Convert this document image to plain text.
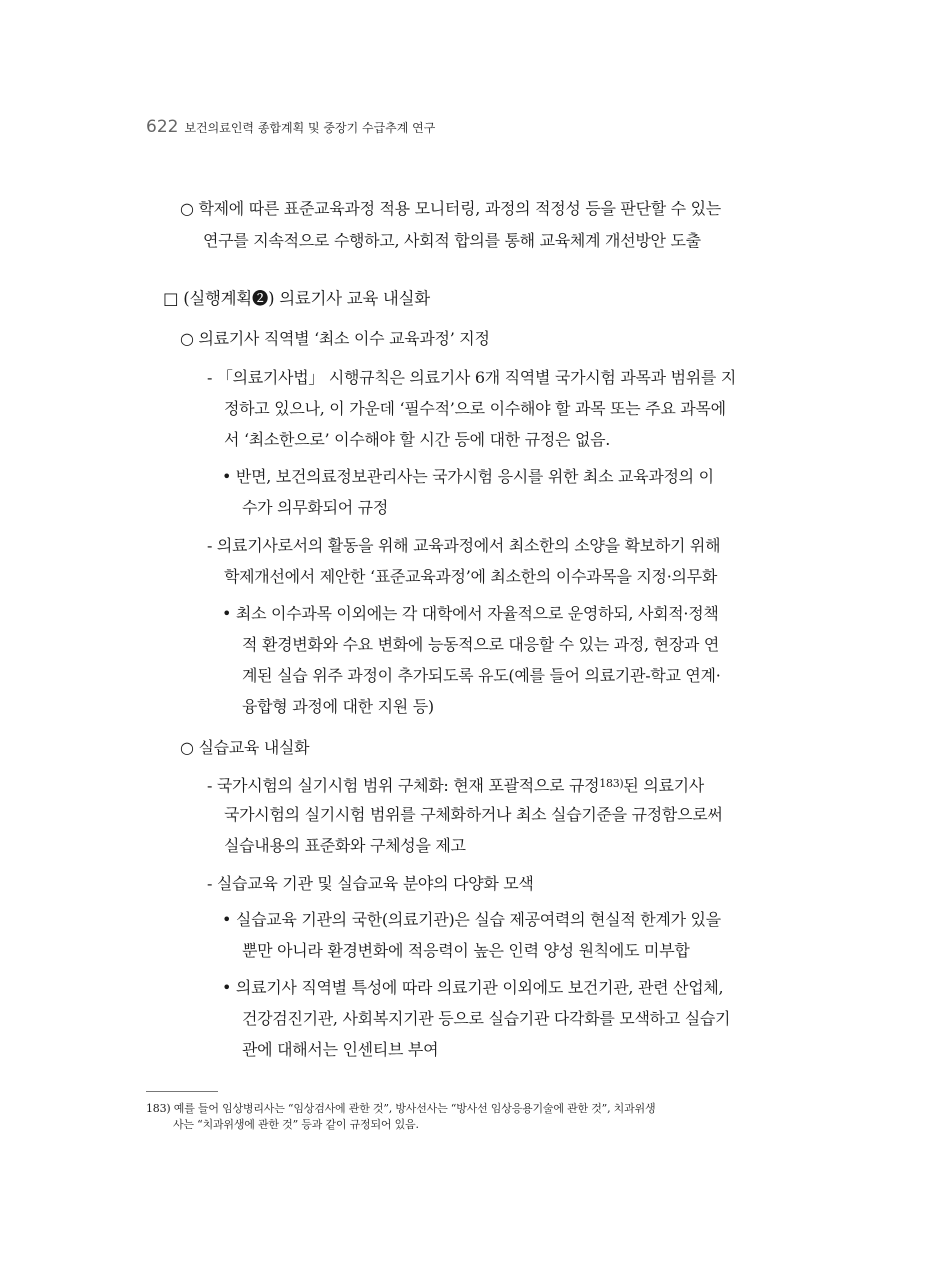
622 보건의료인력 종합계획 및 중장기 수급추계 연구
○ 학제에 따른 표준교육과정 적용 모니터링, 과정의 적정성 등을 판단할 수 있는
연구를 지속적으로 수행하고, 사회적 합의를 통해 교육체계 개선방안 도출
□ (실행계획❷) 의료기사 교육 내실화
○ 의료기사 직역별 ‘최소 이수 교육과정’ 지정
- 「의료기사법」 시행규칙은 의료기사 6개 직역별 국가시험 과목과 범위를 지
정하고 있으나, 이 가운데 ‘필수적’으로 이수해야 할 과목 또는 주요 과목에
서 ‘최소한으로’ 이수해야 할 시간 등에 대한 규정은 없음.
• 반면, 보건의료정보관리사는 국가시험 응시를 위한 최소 교육과정의 이
수가 의무화되어 규정
- 의료기사로서의 활동을 위해 교육과정에서 최소한의 소양을 확보하기 위해
학제개선에서 제안한 ‘표준교육과정’에 최소한의 이수과목을 지정·의무화
• 최소 이수과목 이외에는 각 대학에서 자율적으로 운영하되, 사회적·정책
적 환경변화와 수요 변화에 능동적으로 대응할 수 있는 과정, 현장과 연
계된 실습 위주 과정이 추가되도록 유도(예를 들어 의료기관-학교 연계·
융합형 과정에 대한 지원 등)
○ 실습교육 내실화
- 국가시험의 실기시험 범위 구체화: 현재 포괄적으로 규정$^{183)}$된 의료기사
국가시험의 실기시험 범위를 구체화하거나 최소 실습기준을 규정함으로써
실습내용의 표준화와 구체성을 제고
- 실습교육 기관 및 실습교육 분야의 다양화 모색
• 실습교육 기관의 국한(의료기관)은 실습 제공여력의 현실적 한계가 있을
뿐만 아니라 환경변화에 적응력이 높은 인력 양성 원칙에도 미부합
• 의료기사 직역별 특성에 따라 의료기관 이외에도 보건기관, 관련 산업체,
건강검진기관, 사회복지기관 등으로 실습기관 다각화를 모색하고 실습기
관에 대해서는 인센티브 부여
183) 예를 들어 임상병리사는 “임상검사에 관한 것”, 방사선사는 “방사선 임상응용기술에 관한 것”, 치과위생
사는 “치과위생에 관한 것” 등과 같이 규정되어 있음.
